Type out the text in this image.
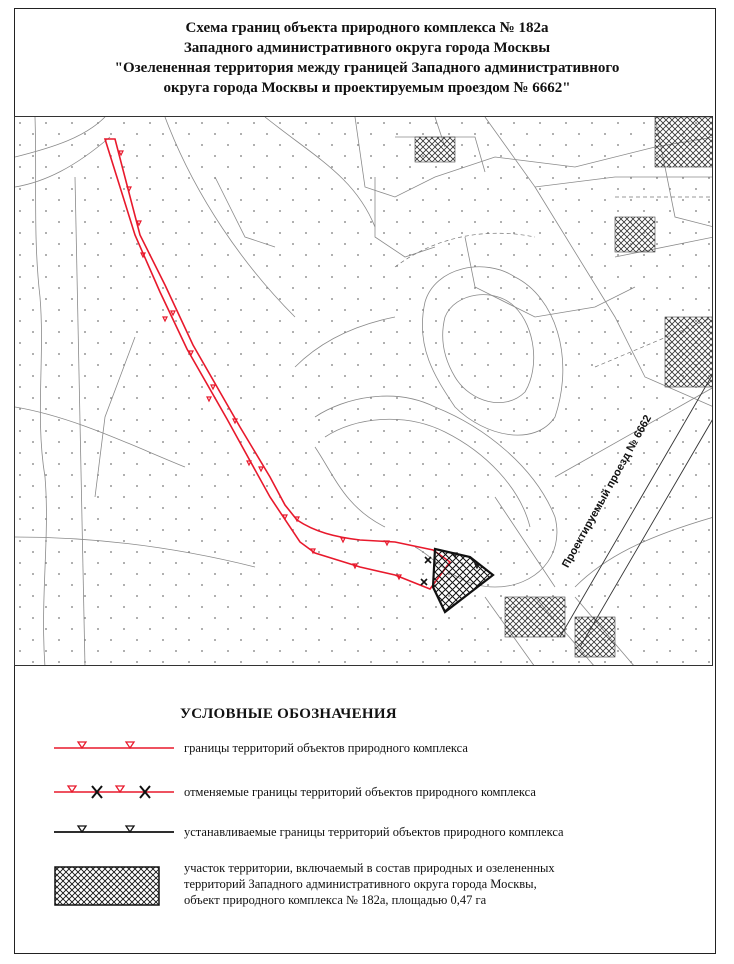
Схема границ объекта природного комплекса № 182а
Западного административного округа города Москвы
"Озелененная территория между границей Западного административного
округа города Москвы и проектируемым проездом № 6662"
Проектируемый проезд № 6662
УСЛОВНЫЕ ОБОЗНАЧЕНИЯ
границы территорий объектов природного комплекса
отменяемые границы территорий объектов природного комплекса
устанавливаемые границы территорий объектов природного комплекса
участок территории, включаемый в состав природных и озелененных
территорий Западного административного округа города Москвы,
объект природного комплекса № 182а, площадью 0,47 га
